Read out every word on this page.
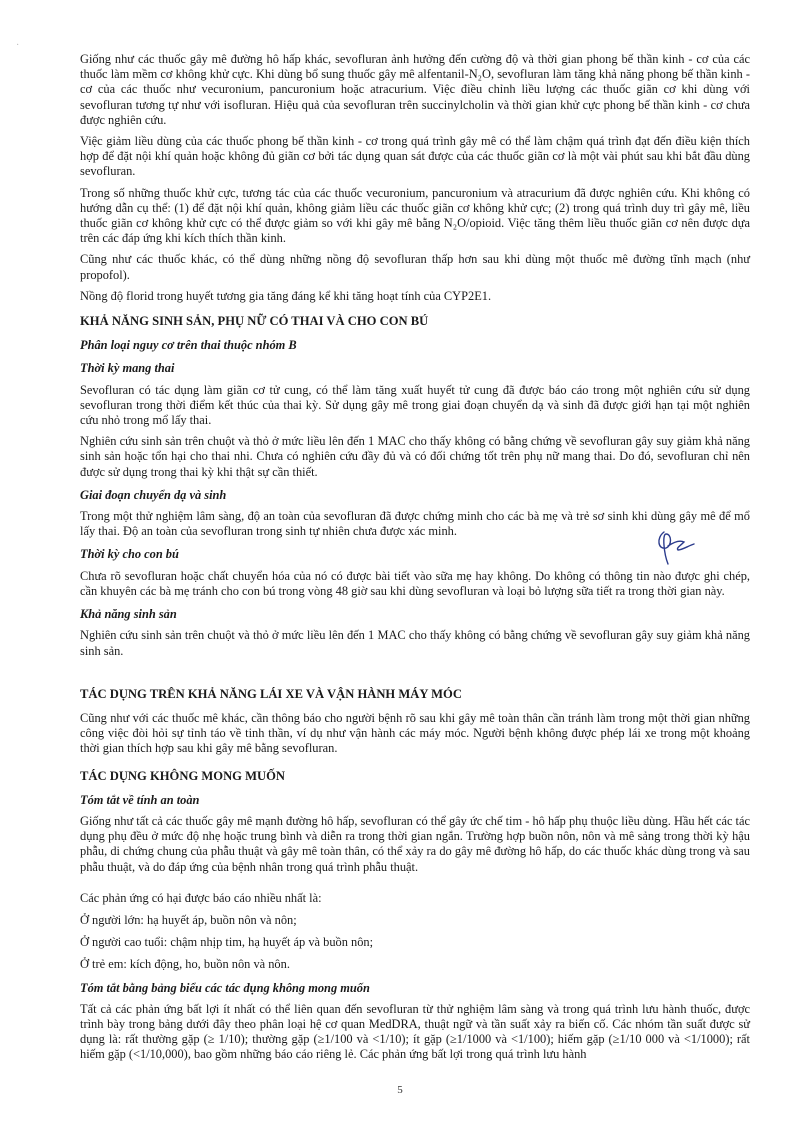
·

Giống như các thuốc gây mê đường hô hấp khác, sevofluran ảnh hưởng đến cường độ và thời gian phong bế thần kinh - cơ của các thuốc làm mềm cơ không khử cực. Khi dùng bổ sung thuốc gây mê alfentanil-N₂O, sevofluran làm tăng khả năng phong bế thần kinh - cơ của các thuốc như vecuronium, pancuronium hoặc atracurium. Việc điều chỉnh liều lượng các thuốc giãn cơ khi dùng với sevofluran tương tự như với isofluran. Hiệu quả của sevofluran trên succinylcholin và thời gian khử cực phong bế thần kinh - cơ chưa được nghiên cứu.

Việc giảm liều dùng của các thuốc phong bế thần kinh - cơ trong quá trình gây mê có thể làm chậm quá trình đạt đến điều kiện thích hợp để đặt nội khí quản hoặc không đủ giãn cơ bởi tác dụng quan sát được của các thuốc giãn cơ là một vài phút sau khi bắt đầu dùng sevofluran.

Trong số những thuốc khử cực, tương tác của các thuốc vecuronium, pancuronium và atracurium đã được nghiên cứu. Khi không có hướng dẫn cụ thể: (1) để đặt nội khí quản, không giảm liều các thuốc giãn cơ không khử cực; (2) trong quá trình duy trì gây mê, liều thuốc giãn cơ không khử cực có thể được giảm so với khi gây mê bằng N₂O/opioid. Việc tăng thêm liều thuốc giãn cơ nên được dựa trên các đáp ứng khi kích thích thần kinh.

Cũng như các thuốc khác, có thể dùng những nồng độ sevofluran thấp hơn sau khi dùng một thuốc mê đường tĩnh mạch (như propofol).

Nồng độ florid trong huyết tương gia tăng đáng kể khi tăng hoạt tính của CYP2E1.

KHẢ NĂNG SINH SẢN, PHỤ NỮ CÓ THAI VÀ CHO CON BÚ
Phân loại nguy cơ trên thai thuộc nhóm B
Thời kỳ mang thai

Sevofluran có tác dụng làm giãn cơ tử cung, có thể làm tăng xuất huyết tử cung đã được báo cáo trong một nghiên cứu sử dụng sevofluran trong thời điểm kết thúc của thai kỳ. Sử dụng gây mê trong giai đoạn chuyển dạ và sinh đã được giới hạn tại một nghiên cứu nhỏ trong mổ lấy thai.

Nghiên cứu sinh sản trên chuột và thỏ ở mức liều lên đến 1 MAC cho thấy không có bằng chứng về sevofluran gây suy giảm khả năng sinh sản hoặc tổn hại cho thai nhi. Chưa có nghiên cứu đầy đủ và có đối chứng tốt trên phụ nữ mang thai. Do đó, sevofluran chỉ nên được sử dụng trong thai kỳ khi thật sự cần thiết.

Giai đoạn chuyển dạ và sinh

Trong một thử nghiệm lâm sàng, độ an toàn của sevofluran đã được chứng minh cho các bà mẹ và trẻ sơ sinh khi dùng gây mê để mổ lấy thai. Độ an toàn của sevofluran trong sinh tự nhiên chưa được xác minh.

Thời kỳ cho con bú

Chưa rõ sevofluran hoặc chất chuyển hóa của nó có được bài tiết vào sữa mẹ hay không. Do không có thông tin nào được ghi chép, cần khuyên các bà mẹ tránh cho con bú trong vòng 48 giờ sau khi dùng sevofluran và loại bỏ lượng sữa tiết ra trong thời gian này.

Khả năng sinh sản

Nghiên cứu sinh sản trên chuột và thỏ ở mức liều lên đến 1 MAC cho thấy không có bằng chứng về sevofluran gây suy giảm khả năng sinh sản.

TÁC DỤNG TRÊN KHẢ NĂNG LÁI XE VÀ VẬN HÀNH MÁY MÓC

Cũng như với các thuốc mê khác, cần thông báo cho người bệnh rõ sau khi gây mê toàn thân cần tránh làm trong một thời gian những công việc đòi hỏi sự tỉnh táo về tinh thần, ví dụ như vận hành các máy móc. Người bệnh không được phép lái xe trong một khoảng thời gian thích hợp sau khi gây mê bằng sevofluran.

TÁC DỤNG KHÔNG MONG MUỐN
Tóm tắt về tính an toàn

Giống như tất cả các thuốc gây mê mạnh đường hô hấp, sevofluran có thể gây ức chế tim - hô hấp phụ thuộc liều dùng. Hầu hết các tác dụng phụ đều ở mức độ nhẹ hoặc trung bình và diễn ra trong thời gian ngắn. Trường hợp buồn nôn, nôn và mê sảng trong thời kỳ hậu phẫu, di chứng chung của phẫu thuật và gây mê toàn thân, có thể xảy ra do gây mê đường hô hấp, do các thuốc khác dùng trong và sau phẫu thuật, và do đáp ứng của bệnh nhân trong quá trình phẫu thuật.

Các phản ứng có hại được báo cáo nhiều nhất là:

Ở người lớn: hạ huyết áp, buồn nôn và nôn;

Ở người cao tuổi: chậm nhịp tim, hạ huyết áp và buồn nôn;

Ở trẻ em: kích động, ho, buồn nôn và nôn.

Tóm tắt bằng bảng biểu các tác dụng không mong muốn

Tất cả các phản ứng bất lợi ít nhất có thể liên quan đến sevofluran từ thử nghiệm lâm sàng và trong quá trình lưu hành thuốc, được trình bày trong bảng dưới đây theo phân loại hệ cơ quan MedDRA, thuật ngữ và tần suất xảy ra biến cố. Các nhóm tần suất được sử dụng là: rất thường gặp (≥ 1/10); thường gặp (≥1/100 và <1/10); ít gặp (≥1/1000 và <1/100); hiếm gặp (≥1/10 000 và <1/1000); rất hiếm gặp (<1/10,000), bao gồm những báo cáo riêng lẻ. Các phản ứng bất lợi trong quá trình lưu hành

5
